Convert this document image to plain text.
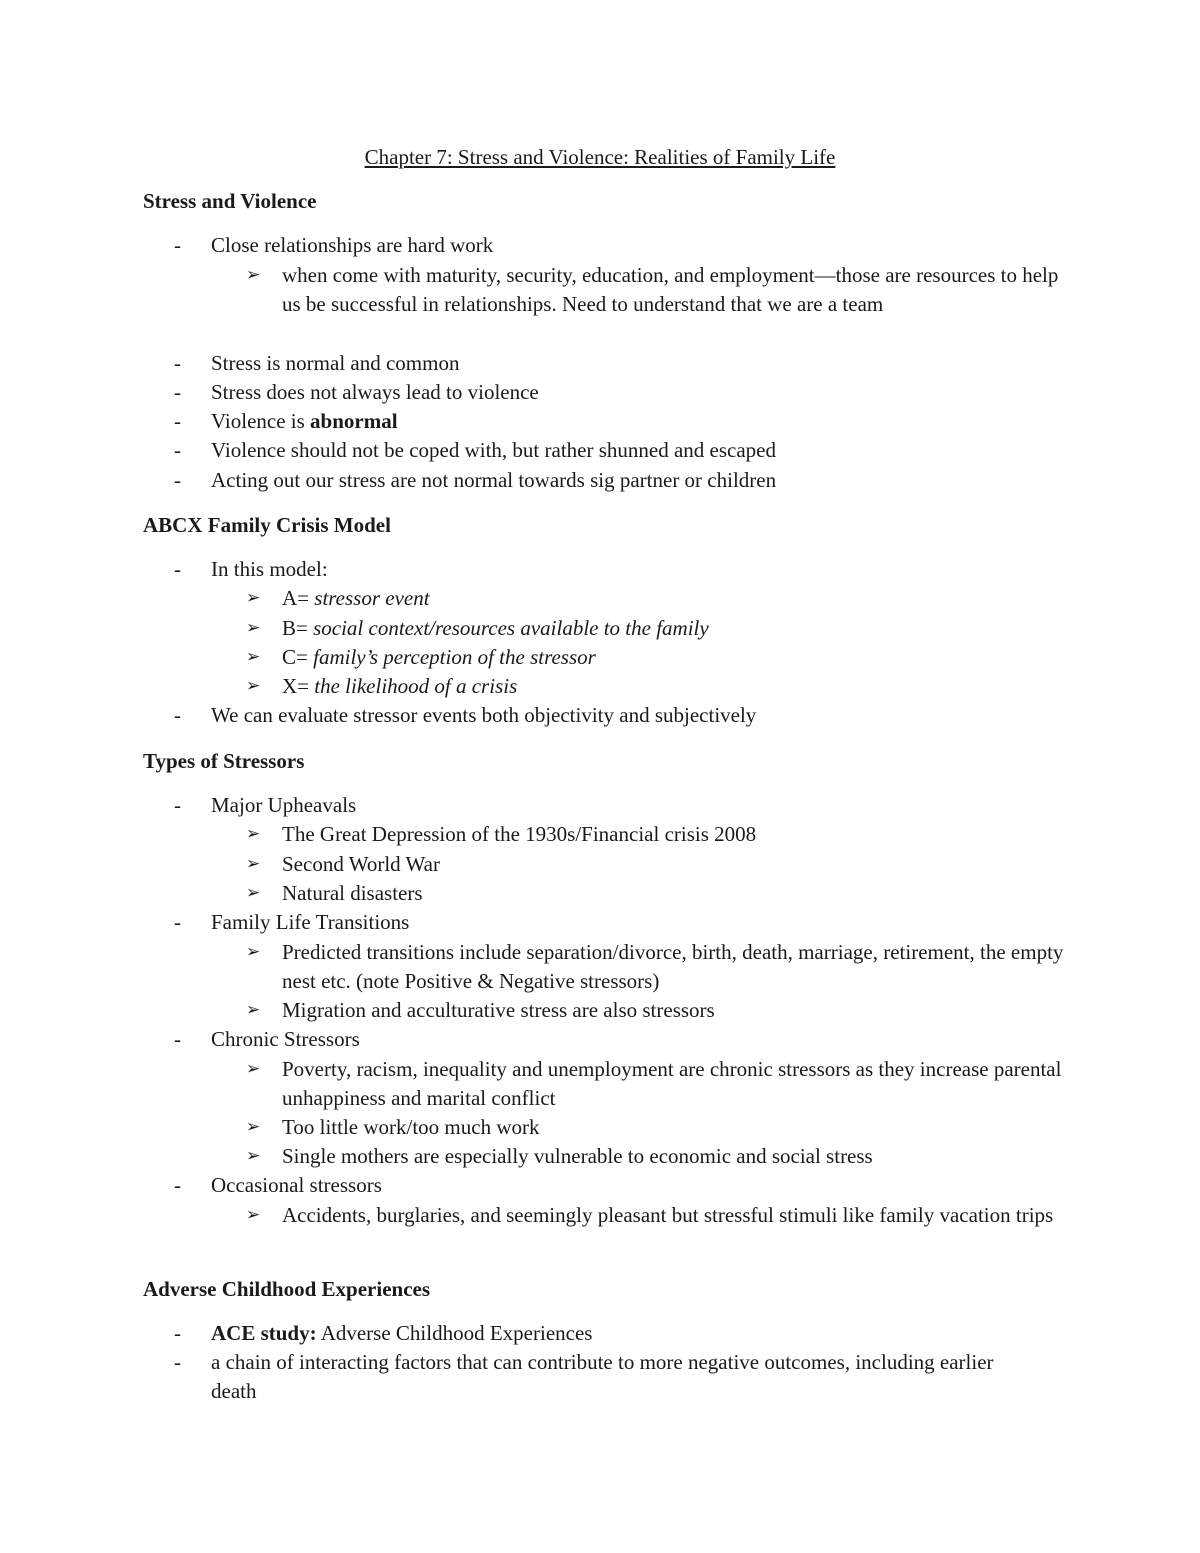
Chapter 7: Stress and Violence: Realities of Family Life
Stress and Violence
- Close relationships are hard work
➢ when come with maturity, security, education, and employment—those are resources to help us be successful in relationships. Need to understand that we are a team
- Stress is normal and common
- Stress does not always lead to violence
- Violence is abnormal
- Violence should not be coped with, but rather shunned and escaped
- Acting out our stress are not normal towards sig partner or children
ABCX Family Crisis Model
- In this model:
➢ A= stressor event
➢ B= social context/resources available to the family
➢ C= family’s perception of the stressor
➢ X= the likelihood of a crisis
- We can evaluate stressor events both objectivity and subjectively
Types of Stressors
- Major Upheavals
➢ The Great Depression of the 1930s/Financial crisis 2008
➢ Second World War
➢ Natural disasters
- Family Life Transitions
➢ Predicted transitions include separation/divorce, birth, death, marriage, retirement, the empty nest etc. (note Positive & Negative stressors)
➢ Migration and acculturative stress are also stressors
- Chronic Stressors
➢ Poverty, racism, inequality and unemployment are chronic stressors as they increase parental unhappiness and marital conflict
➢ Too little work/too much work
➢ Single mothers are especially vulnerable to economic and social stress
- Occasional stressors
➢ Accidents, burglaries, and seemingly pleasant but stressful stimuli like family vacation trips
Adverse Childhood Experiences
- ACE study: Adverse Childhood Experiences
- a chain of interacting factors that can contribute to more negative outcomes, including earlier death
